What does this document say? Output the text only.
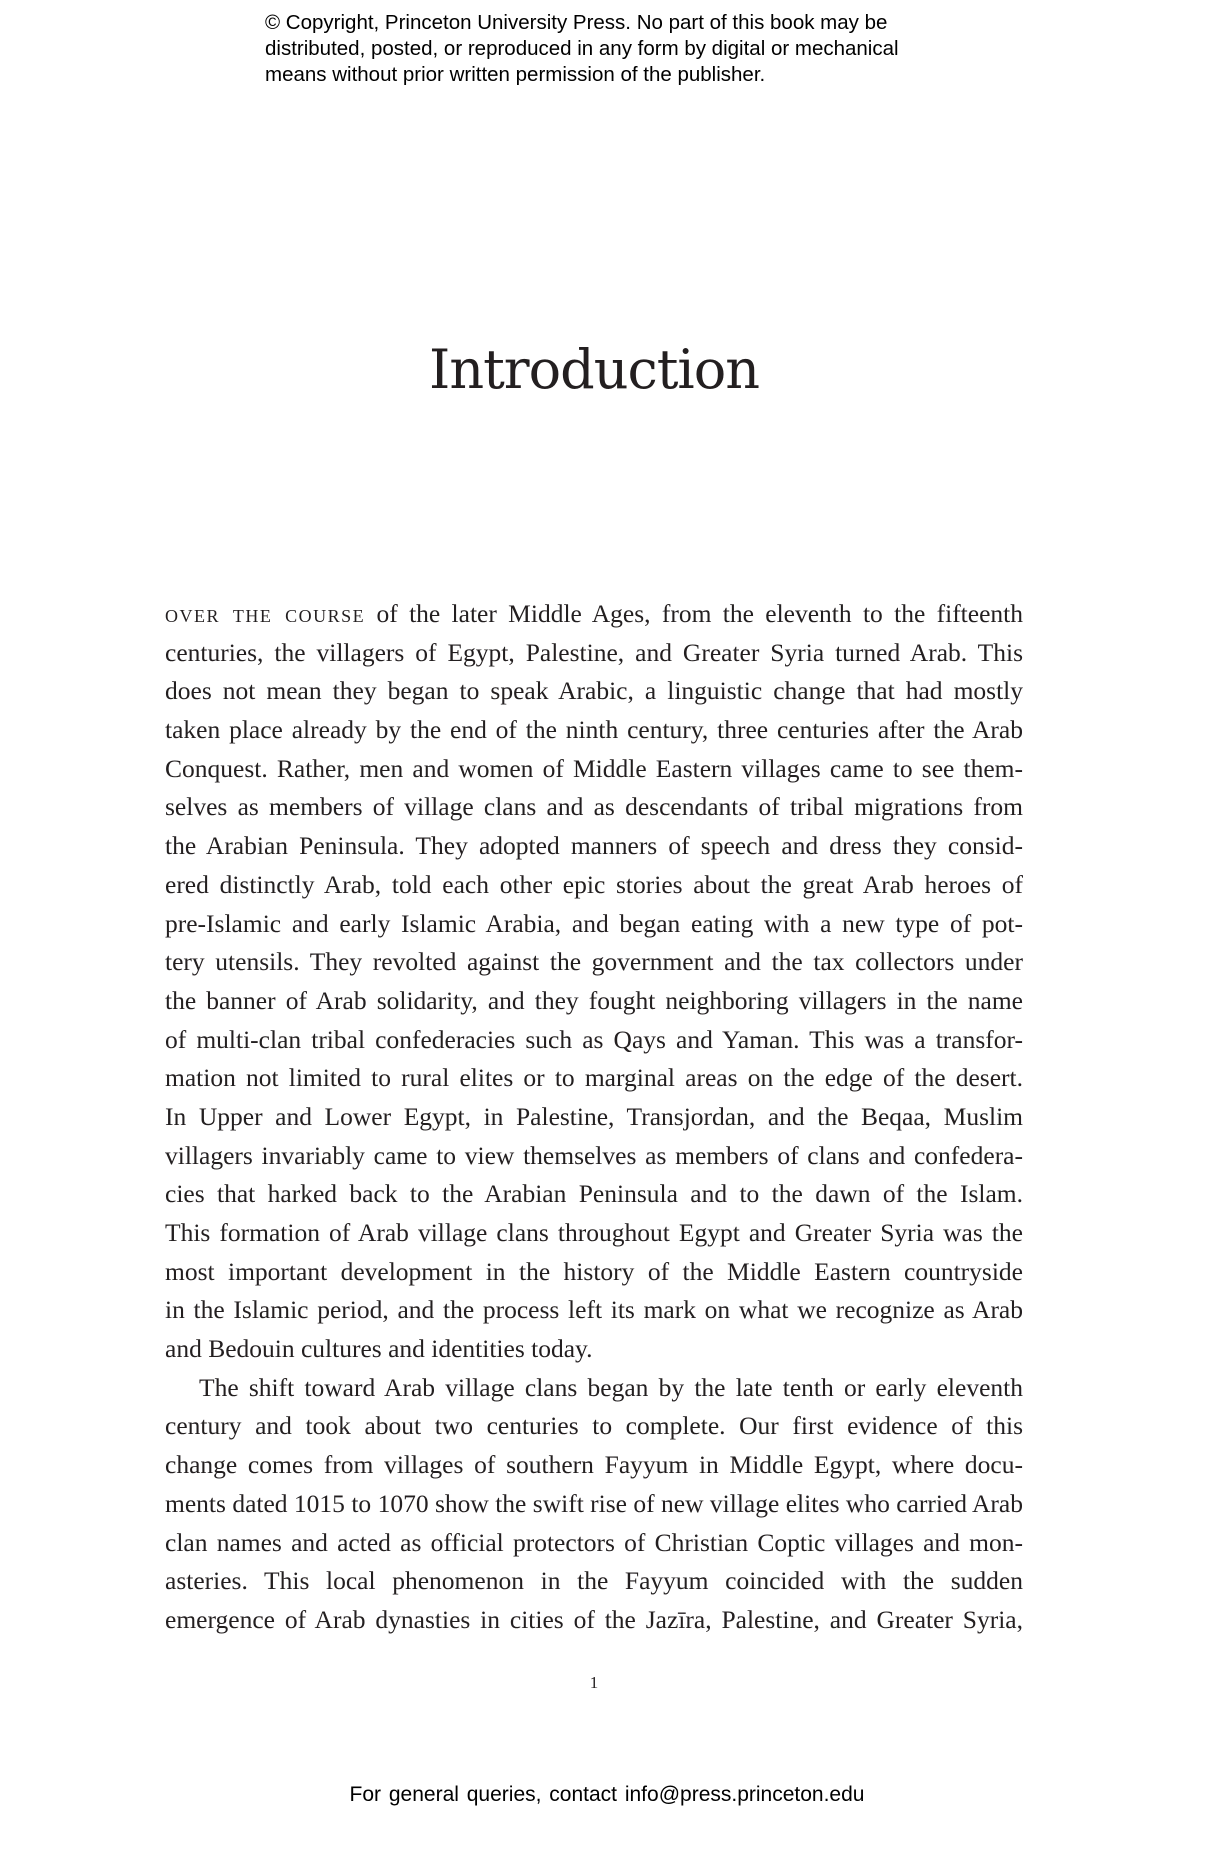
© Copyright, Princeton University Press. No part of this book may be
distributed, posted, or reproduced in any form by digital or mechanical
means without prior written permission of the publisher.
Introduction
over the course of the later Middle Ages, from the eleventh to the fifteenth
centuries, the villagers of Egypt, Palestine, and Greater Syria turned Arab. This
does not mean they began to speak Arabic, a linguistic change that had mostly
taken place already by the end of the ninth century, three centuries after the Arab
Conquest. Rather, men and women of Middle Eastern villages came to see them-
selves as members of village clans and as descendants of tribal migrations from
the Arabian Peninsula. They adopted manners of speech and dress they consid-
ered distinctly Arab, told each other epic stories about the great Arab heroes of
pre-Islamic and early Islamic Arabia, and began eating with a new type of pot-
tery utensils. They revolted against the government and the tax collectors under
the banner of Arab solidarity, and they fought neighboring villagers in the name
of multi-clan tribal confederacies such as Qays and Yaman. This was a transfor-
mation not limited to rural elites or to marginal areas on the edge of the desert.
In Upper and Lower Egypt, in Palestine, Transjordan, and the Beqaa, Muslim
villagers invariably came to view themselves as members of clans and confedera-
cies that harked back to the Arabian Peninsula and to the dawn of the Islam.
This formation of Arab village clans throughout Egypt and Greater Syria was the
most important development in the history of the Middle Eastern countryside
in the Islamic period, and the process left its mark on what we recognize as Arab
and Bedouin cultures and identities today.
The shift toward Arab village clans began by the late tenth or early eleventh
century and took about two centuries to complete. Our first evidence of this
change comes from villages of southern Fayyum in Middle Egypt, where docu-
ments dated 1015 to 1070 show the swift rise of new village elites who carried Arab
clan names and acted as official protectors of Christian Coptic villages and mon-
asteries. This local phenomenon in the Fayyum coincided with the sudden
emergence of Arab dynasties in cities of the Jazīra, Palestine, and Greater Syria,
1
For general queries, contact info@press.princeton.edu
